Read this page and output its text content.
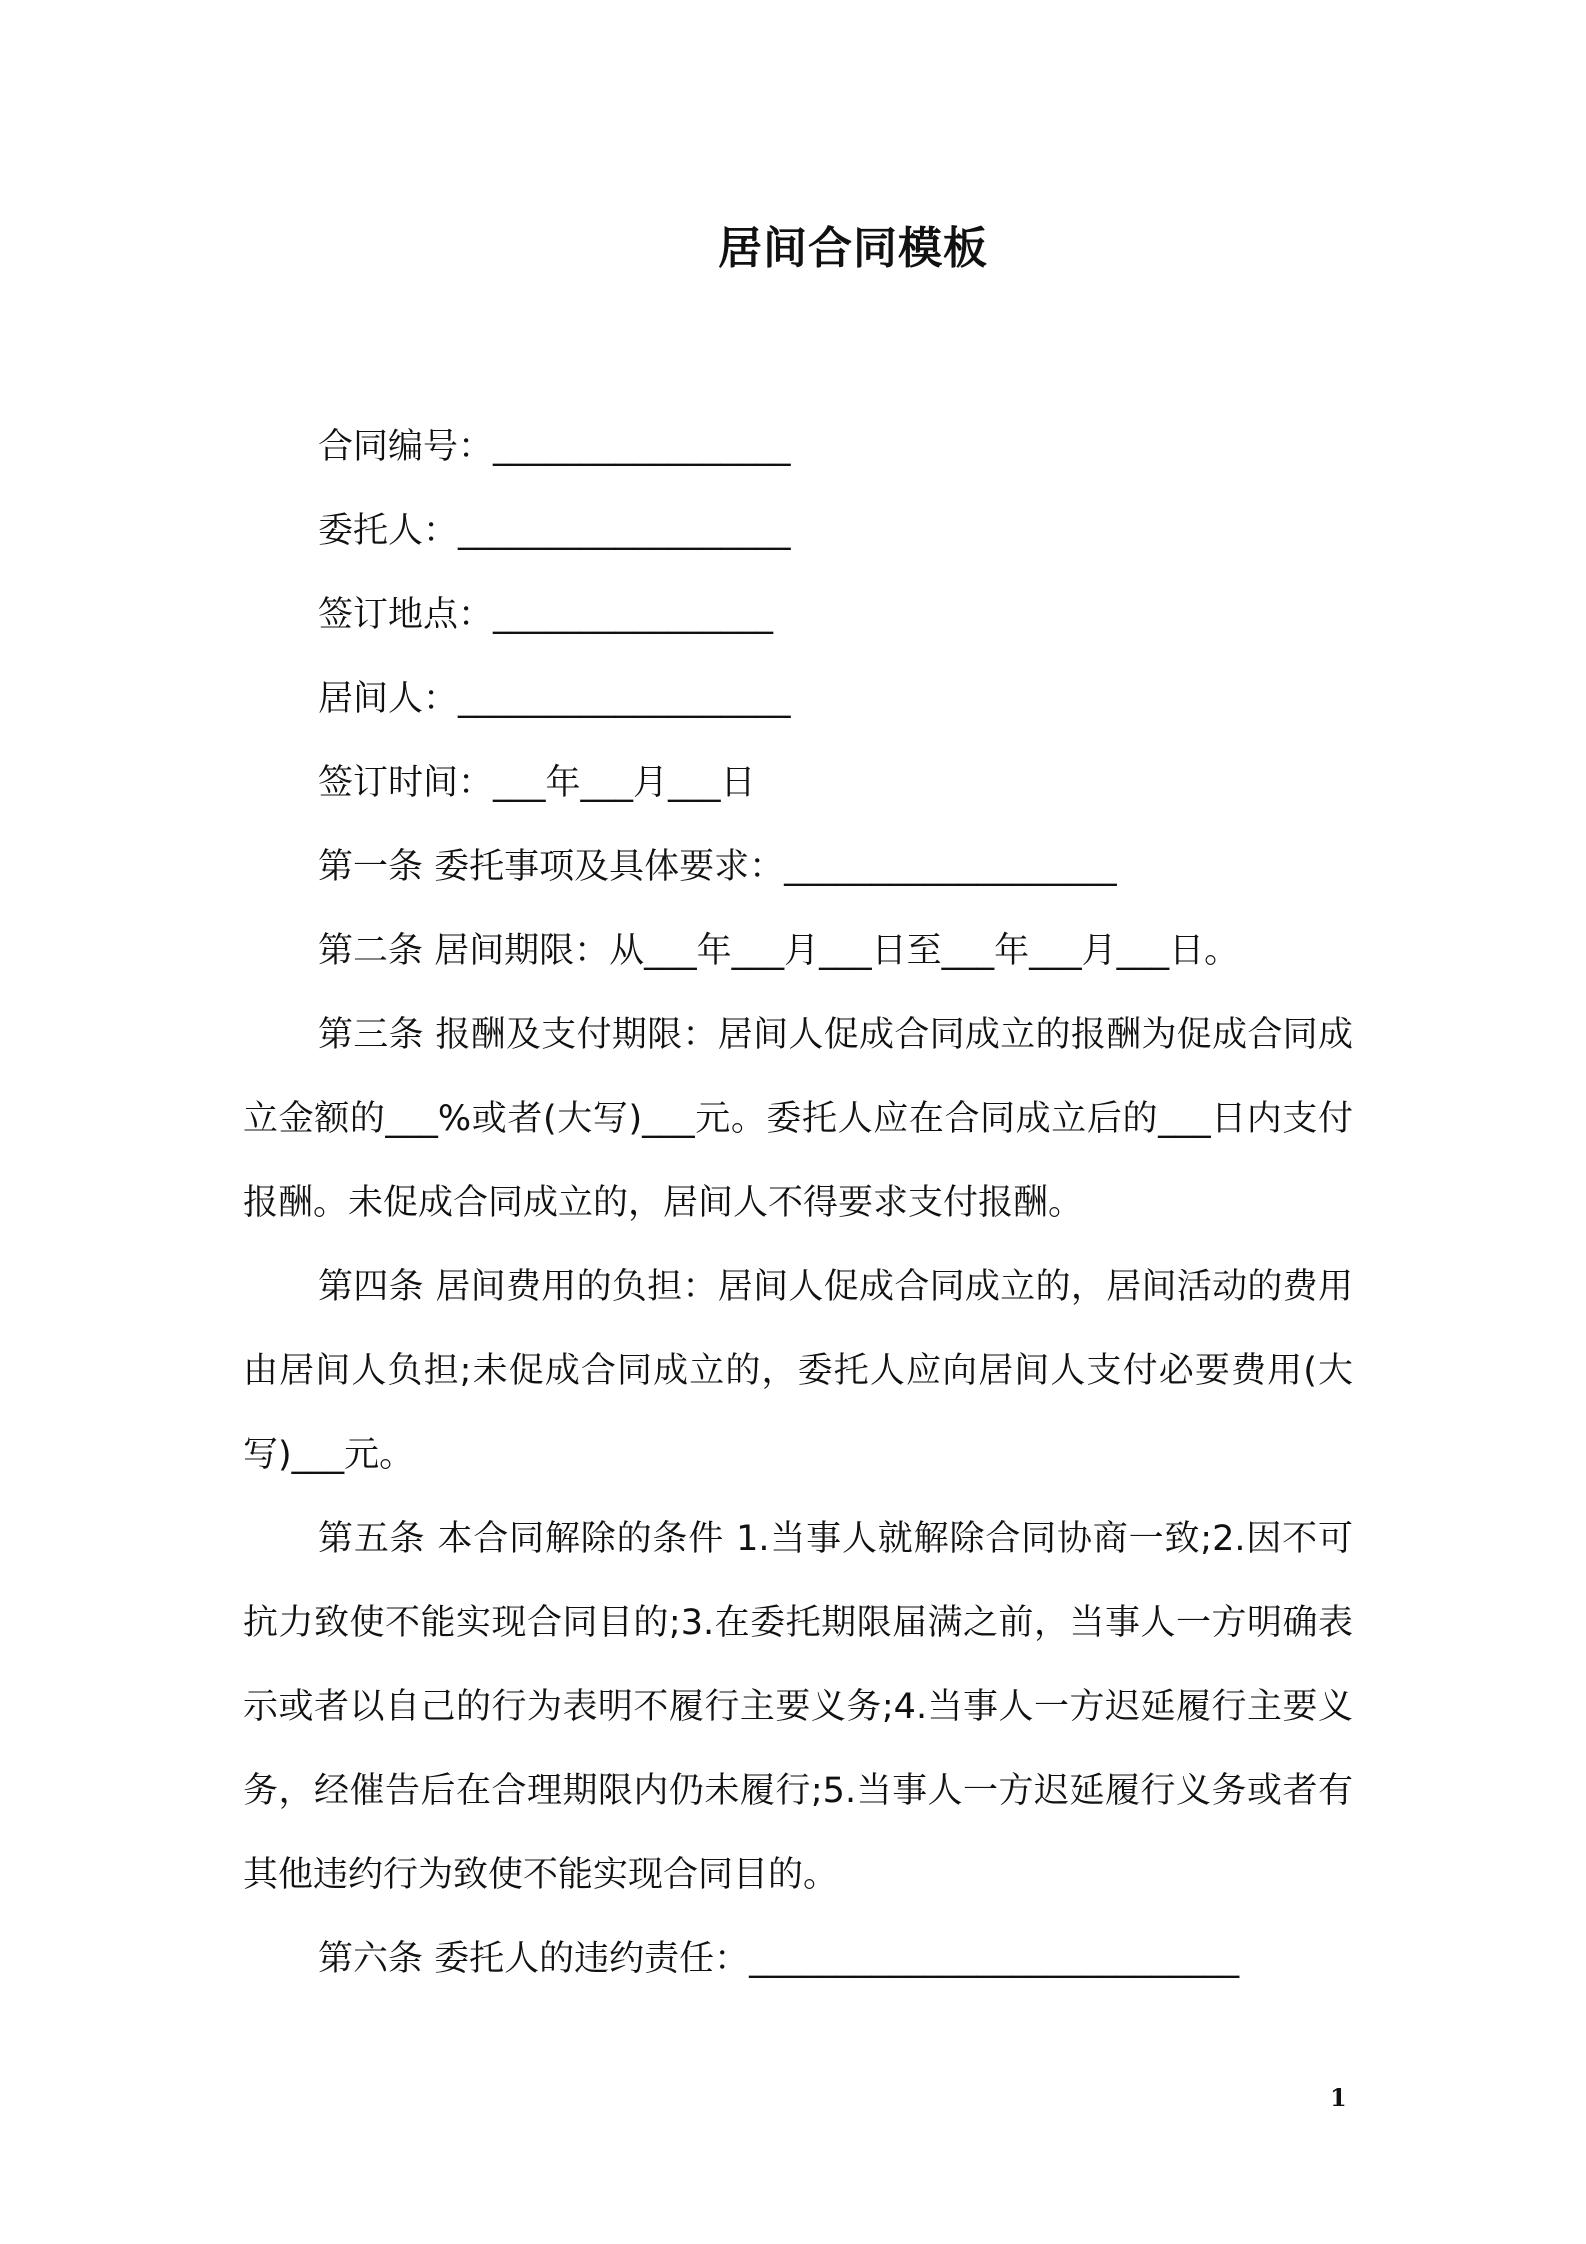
居间合同模板
合同编号：_________________
委托人：___________________
签订地点：________________
居间人：___________________
签订时间：___年___月___日
第一条 委托事项及具体要求：___________________
第二条 居间期限：从___年___月___日至___年___月___日。
第三条 报酬及支付期限：居间人促成合同成立的报酬为促成合同成立金额的___%或者(大写)___元。委托人应在合同成立后的___日内支付报酬。未促成合同成立的，居间人不得要求支付报酬。
第四条 居间费用的负担：居间人促成合同成立的，居间活动的费用由居间人负担;未促成合同成立的，委托人应向居间人支付必要费用(大写)___元。
第五条 本合同解除的条件 1.当事人就解除合同协商一致;2.因不可抗力致使不能实现合同目的;3.在委托期限届满之前，当事人一方明确表示或者以自己的行为表明不履行主要义务;4.当事人一方迟延履行主要义务，经催告后在合理期限内仍未履行;5.当事人一方迟延履行义务或者有其他违约行为致使不能实现合同目的。
第六条 委托人的违约责任：____________________________
1
